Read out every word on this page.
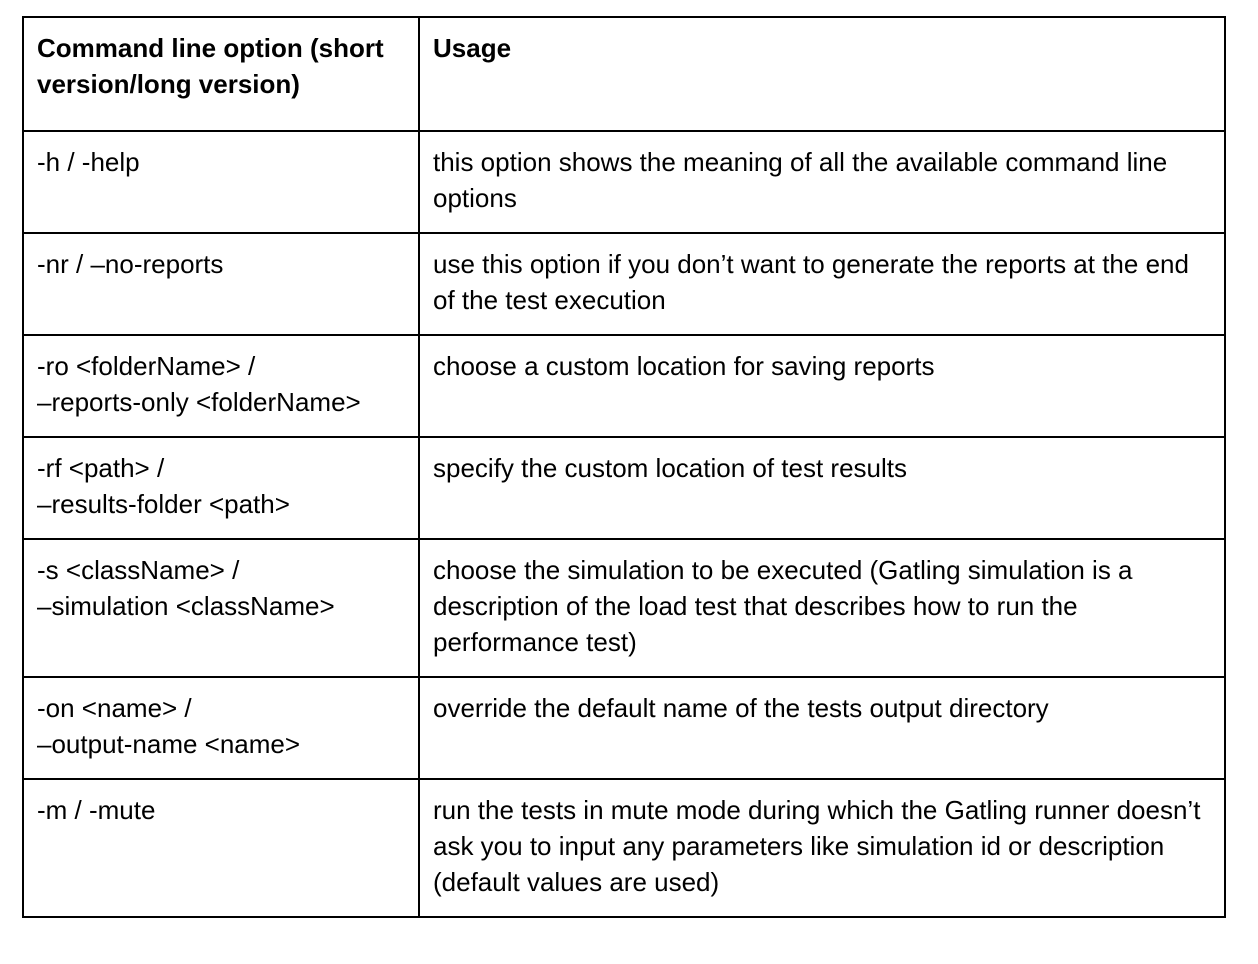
Command line option (short version/long version)	Usage

-h / -help	this option shows the meaning of all the available command line options

-nr / –no-reports	use this option if you don’t want to generate the reports at the end of the test execution

-ro <folderName> /
–reports-only <folderName>	choose a custom location for saving reports

-rf <path> /
–results-folder <path>	specify the custom location of test results

-s <className> /
–simulation <className>	choose the simulation to be executed (Gatling simulation is a description of the load test that describes how to run the performance test)

-on <name> /
–output-name <name>	override the default name of the tests output directory

-m / -mute	run the tests in mute mode during which the Gatling runner doesn’t ask you to input any parameters like simulation id or description (default values are used)
